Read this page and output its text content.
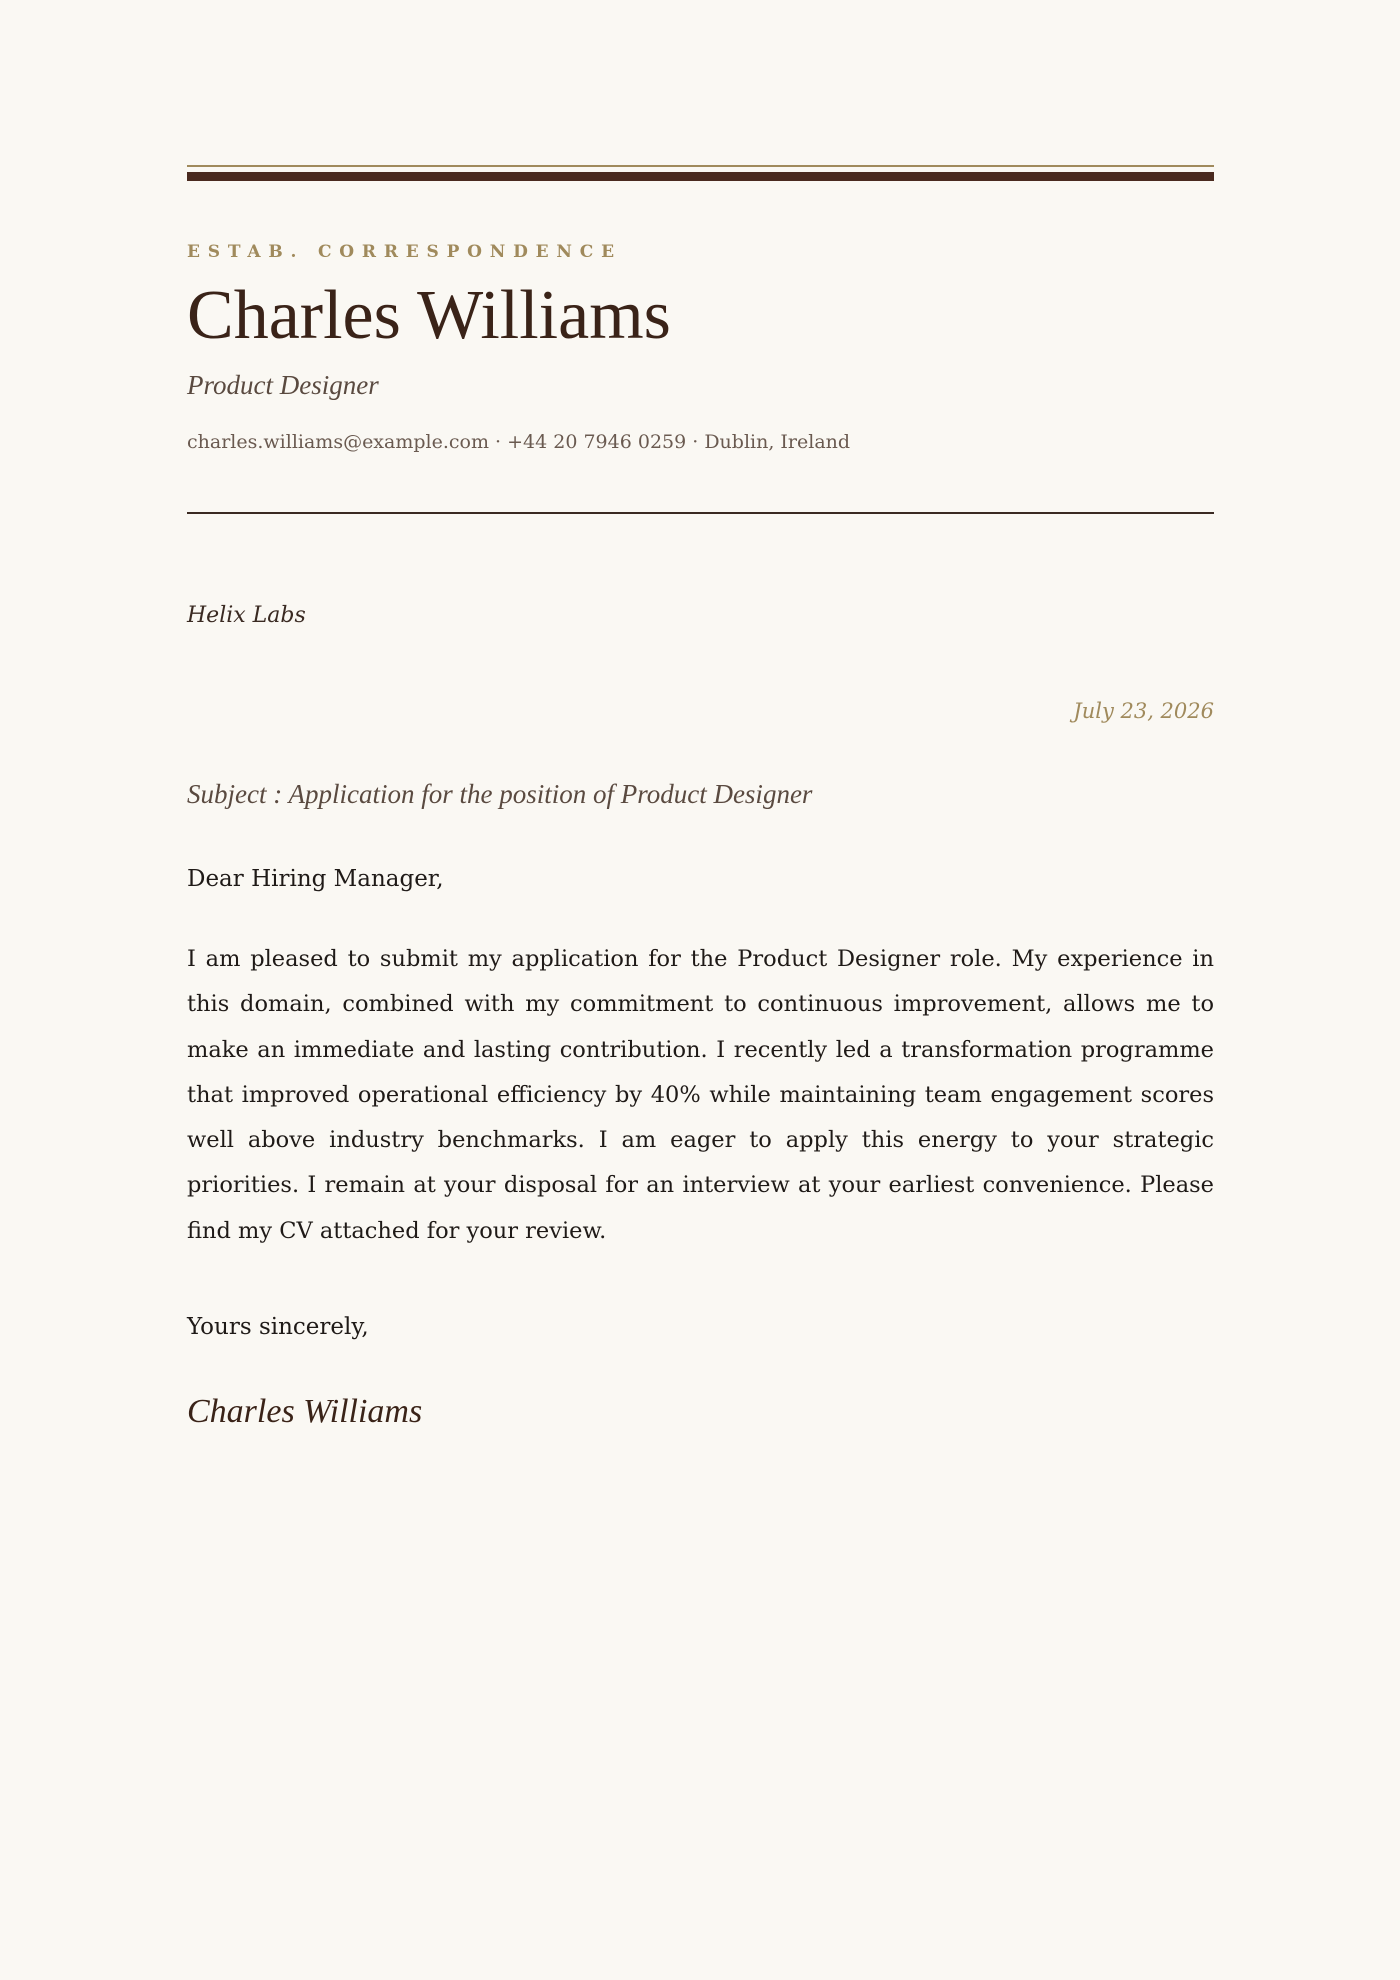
ESTAB. CORRESPONDENCE
Charles Williams
Product Designer
charles.williams@example.com · +44 20 7946 0259 · Dublin, Ireland
Helix Labs
July 23, 2026
Subject : Application for the position of Product Designer
Dear Hiring Manager,

I am pleased to submit my application for the Product Designer role. My experience in this domain, combined with my commitment to continuous improvement, allows me to make an immediate and lasting contribution. I recently led a transformation programme that improved operational efficiency by 40% while maintaining team engagement scores well above industry benchmarks. I am eager to apply this energy to your strategic priorities. I remain at your disposal for an interview at your earliest convenience. Please find my CV attached for your review.

Yours sincerely,
Charles Williams
